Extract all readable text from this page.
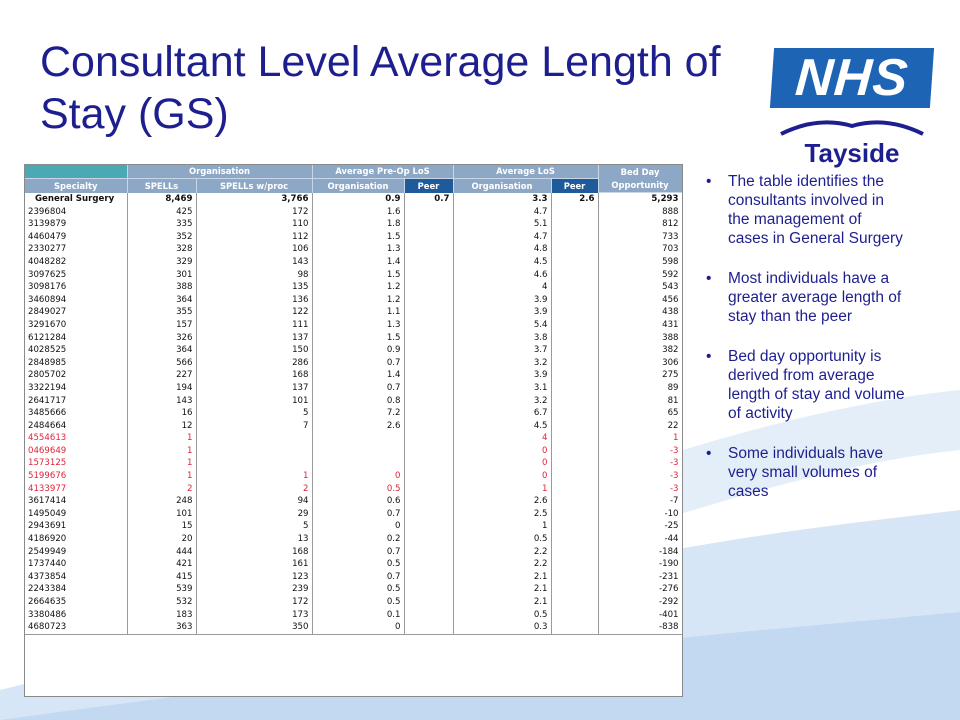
Consultant Level Average Length of Stay (GS)
NHS
Tayside
	Organisation		Average Pre-Op LoS		Average LoS		Bed Day Opportunity
Specialty	SPELLs	SPELLs w/proc	Organisation	Peer	Organisation	Peer	
General Surgery	8,469	3,766	0.9	0.7	3.3	2.6	5,293
2396804	425	172	1.6		4.7		888
3139879	335	110	1.8		5.1		812
4460479	352	112	1.5		4.7		733
2330277	328	106	1.3		4.8		703
4048282	329	143	1.4		4.5		598
3097625	301	98	1.5		4.6		592
3098176	388	135	1.2		4		543
3460894	364	136	1.2		3.9		456
2849027	355	122	1.1		3.9		438
3291670	157	111	1.3		5.4		431
6121284	326	137	1.5		3.8		388
4028525	364	150	0.9		3.7		382
2848985	566	286	0.7		3.2		306
2805702	227	168	1.4		3.9		275
3322194	194	137	0.7		3.1		89
2641717	143	101	0.8		3.2		81
3485666	16	5	7.2		6.7		65
2484664	12	7	2.6		4.5		22
4554613	1				4		1
0469649	1				0		-3
1573125	1				0		-3
5199676	1	1	0		0		-3
4133977	2	2	0.5		1		-3
3617414	248	94	0.6		2.6		-7
1495049	101	29	0.7		2.5		-10
2943691	15	5	0		1		-25
4186920	20	13	0.2		0.5		-44
2549949	444	168	0.7		2.2		-184
1737440	421	161	0.5		2.2		-190
4373854	415	123	0.7		2.1		-231
2243384	539	239	0.5		2.1		-276
2664635	532	172	0.5		2.1		-292
3380486	183	173	0.1		0.5		-401
4680723	363	350	0		0.3		-838
• The table identifies the consultants involved in the management of cases in General Surgery
• Most individuals have a greater average length of stay than the peer
• Bed day opportunity is derived from average length of stay and volume of activity
• Some individuals have very small volumes of cases
